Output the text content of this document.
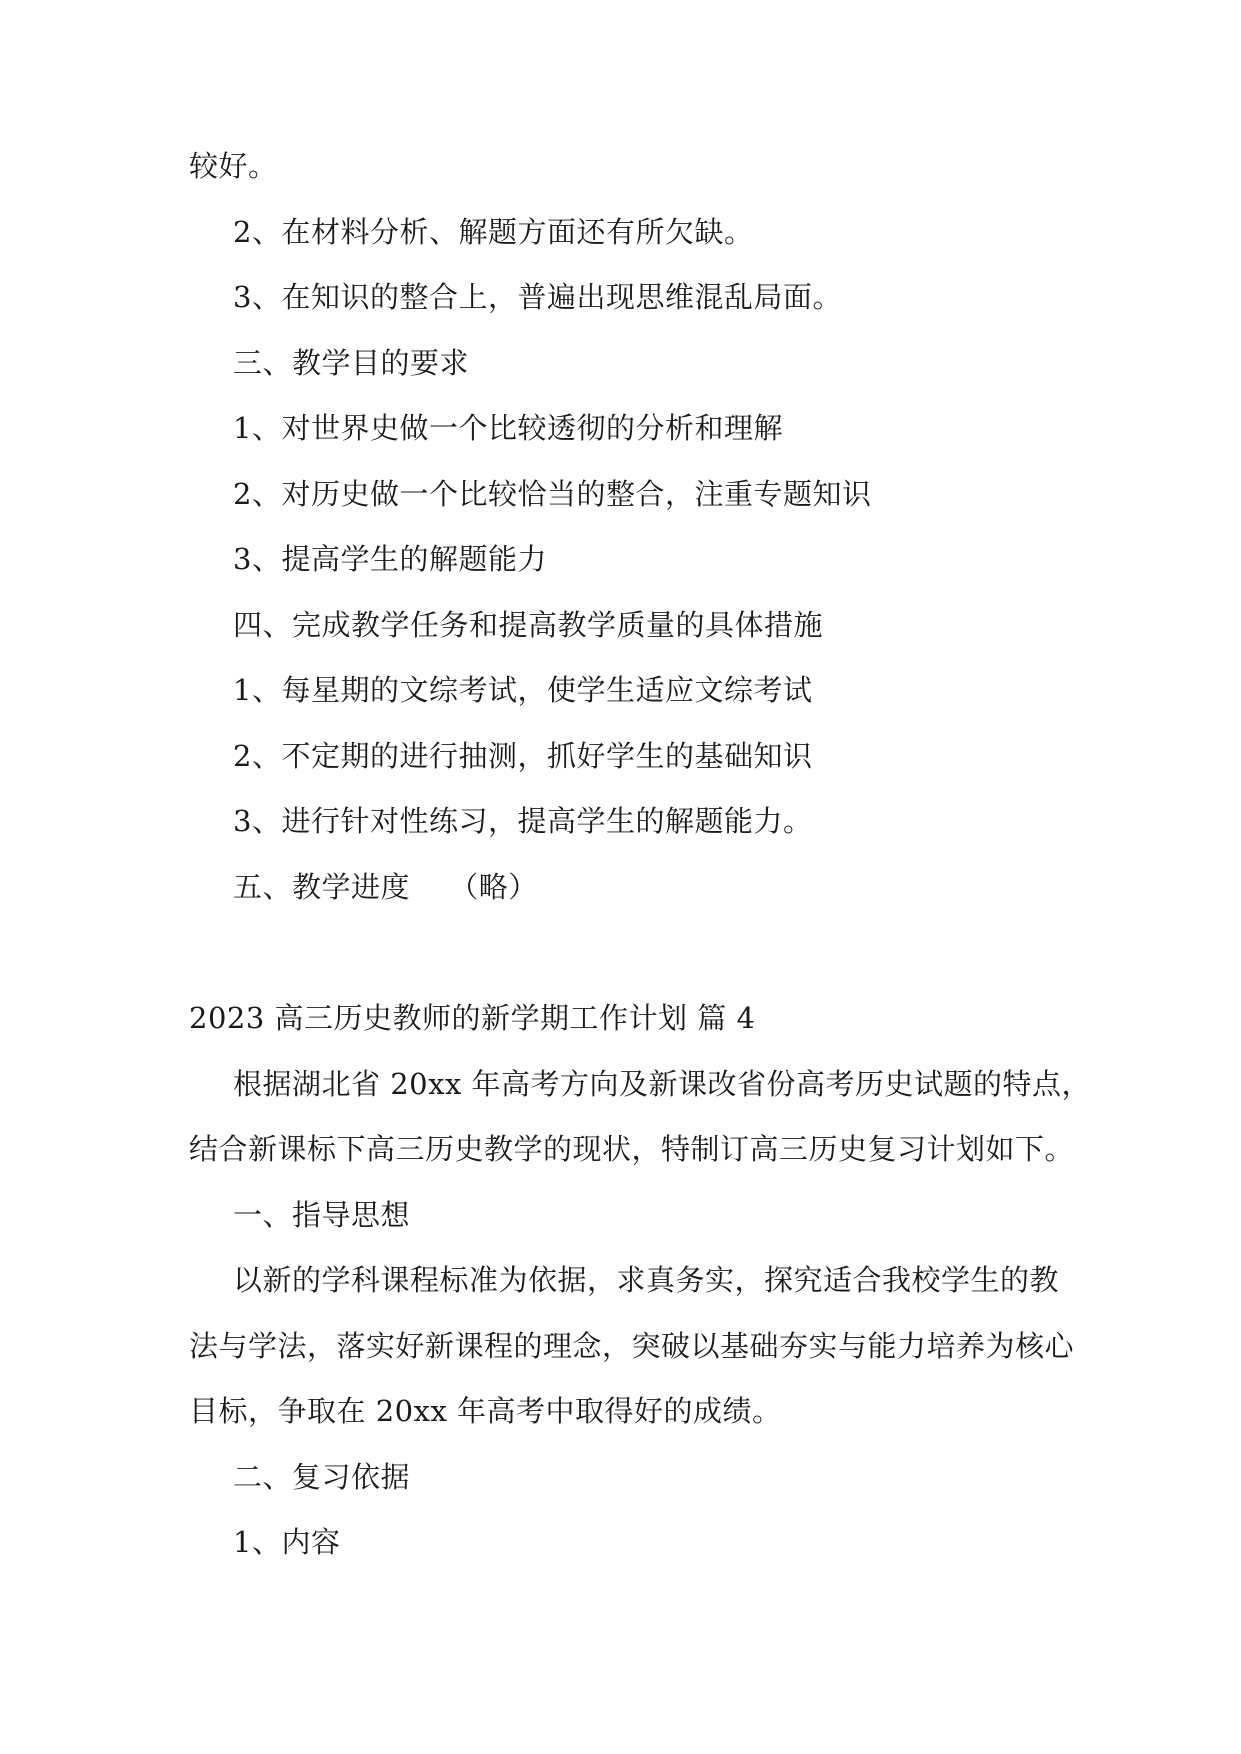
较好。
2、在材料分析、解题方面还有所欠缺。
3、在知识的整合上，普遍出现思维混乱局面。
三、教学目的要求
1、对世界史做一个比较透彻的分析和理解
2、对历史做一个比较恰当的整合，注重专题知识
3、提高学生的解题能力
四、完成教学任务和提高教学质量的具体措施
1、每星期的文综考试，使学生适应文综考试
2、不定期的进行抽测，抓好学生的基础知识
3、进行针对性练习，提高学生的解题能力。
五、教学进度　 （略）
2023 高三历史教师的新学期工作计划 篇 4
根据湖北省 20xx 年高考方向及新课改省份高考历史试题的特点，
结合新课标下高三历史教学的现状，特制订高三历史复习计划如下。
一、指导思想
以新的学科课程标准为依据，求真务实，探究适合我校学生的教
法与学法，落实好新课程的理念，突破以基础夯实与能力培养为核心
目标，争取在 20xx 年高考中取得好的成绩。
二、复习依据
1、内容
